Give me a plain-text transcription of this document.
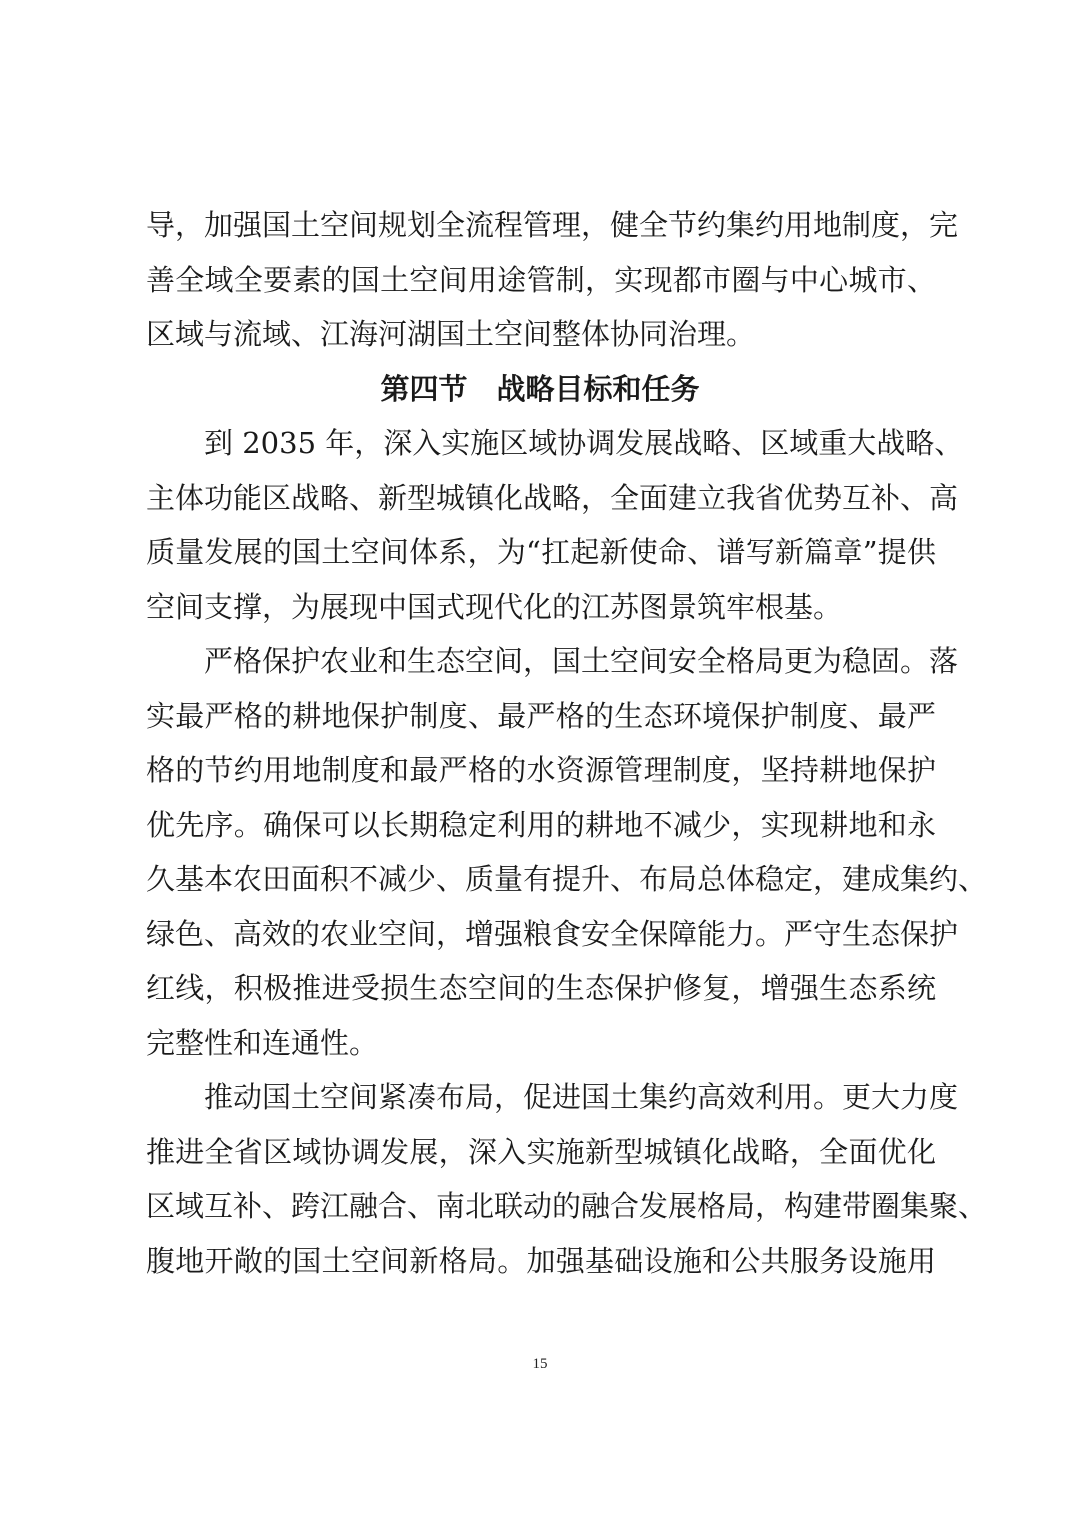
导，加强国土空间规划全流程管理，健全节约集约用地制度，完
善全域全要素的国土空间用途管制，实现都市圈与中心城市、
区域与流域、江海河湖国土空间整体协同治理。
第四节　战略目标和任务
到 2035 年，深入实施区域协调发展战略、区域重大战略、
主体功能区战略、新型城镇化战略，全面建立我省优势互补、高
质量发展的国土空间体系，为“扛起新使命、谱写新篇章”提供
空间支撑，为展现中国式现代化的江苏图景筑牢根基。
严格保护农业和生态空间，国土空间安全格局更为稳固。落
实最严格的耕地保护制度、最严格的生态环境保护制度、最严
格的节约用地制度和最严格的水资源管理制度，坚持耕地保护
优先序。确保可以长期稳定利用的耕地不减少，实现耕地和永
久基本农田面积不减少、质量有提升、布局总体稳定，建成集约、
绿色、高效的农业空间，增强粮食安全保障能力。严守生态保护
红线，积极推进受损生态空间的生态保护修复，增强生态系统
完整性和连通性。
推动国土空间紧凑布局，促进国土集约高效利用。更大力度
推进全省区域协调发展，深入实施新型城镇化战略，全面优化
区域互补、跨江融合、南北联动的融合发展格局，构建带圈集聚、
腹地开敞的国土空间新格局。加强基础设施和公共服务设施用
15
